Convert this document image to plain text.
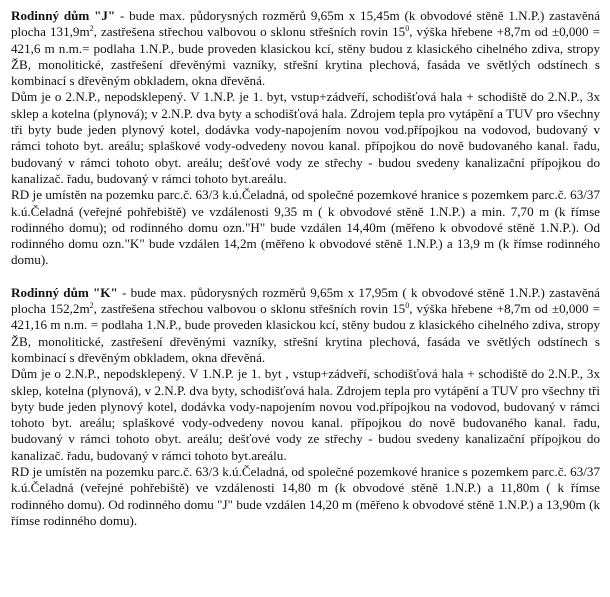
Rodinný dům "J" - bude max. půdorysných rozměrů 9,65m x 15,45m (k obvodové stěně 1.N.P.) zastavěná plocha $131,9m^2$, zastřešena střechou valbovou o sklonu střešních rovin $15^0$, výška hřebene +8,7m od ±0,000 = 421,6 m n.m.= podlaha 1.N.P., bude proveden klasickou kcí, stěny budou z klasického cihelného zdiva, stropy ŽB, monolitické, zastřešení dřevěnými vazníky, střešní krytina plechová, fasáda ve světlých odstínech s kombinací s dřevěným obkladem, okna dřevěná.

Dům je o 2.N.P., nepodsklepený. V 1.N.P. je 1. byt, vstup+zádveří, schodišťová hala + schodiště do 2.N.P., 3x sklep a kotelna (plynová); v 2.N.P. dva byty a schodišťová hala. Zdrojem tepla pro vytápění a TUV pro všechny tři byty bude jeden plynový kotel, dodávka vody-napojením novou vod.přípojkou na vodovod, budovaný v rámci tohoto byt. areálu; splaškové vody-odvedeny novou kanal. přípojkou do nově budovaného kanal. řadu, budovaný v rámci tohoto obyt. areálu; dešťové vody ze střechy - budou svedeny kanalizační přípojkou do kanalizač. řadu, budovaný v rámci tohoto byt.areálu.

RD je umístěn na pozemku parc.č. 63/3 k.ú.Čeladná, od společné pozemkové hranice s pozemkem parc.č. 63/37 k.ú.Čeladná (veřejné pohřebiště) ve vzdálenosti 9,35 m ( k obvodové stěně 1.N.P.) a min. 7,70 m (k římse rodinného domu); od rodinného domu ozn."H" bude vzdálen 14,40m (měřeno k obvodové stěně 1.N.P.). Od rodinného domu ozn."K" bude vzdálen 14,2m (měřeno k obvodové stěně 1.N.P.) a 13,9 m (k římse rodinného domu).

Rodinný dům "K" - bude max. půdorysných rozměrů 9,65m x 17,95m ( k obvodové stěně 1.N.P.) zastavěná plocha $152,2m^2$, zastřešena střechou valbovou o sklonu střešních rovin $15^0$, výška hřebene +8,7m od ±0,000 = 421,16 m n.m. = podlaha 1.N.P., bude proveden klasickou kcí, stěny budou z klasického cihelného zdiva, stropy ŽB, monolitické, zastřešení dřevěnými vazníky, střešní krytina plechová, fasáda ve světlých odstínech s kombinací s dřevěným obkladem, okna dřevěná.

Dům je o 2.N.P., nepodsklepený. V 1.N.P. je 1. byt , vstup+zádveří, schodišťová hala + schodiště do 2.N.P., 3x sklep, kotelna (plynová), v 2.N.P. dva byty, schodišťová hala. Zdrojem tepla pro vytápění a TUV pro všechny tři byty bude jeden plynový kotel, dodávka vody-napojením novou vod.přípojkou na vodovod, budovaný v rámci tohoto byt. areálu; splaškové vody-odvedeny novou kanal. přípojkou do nově budovaného kanal. řadu, budovaný v rámci tohoto obyt. areálu; dešťové vody ze střechy - budou svedeny kanalizační přípojkou do kanalizač. řadu, budovaný v rámci tohoto byt.areálu.

RD je umístěn na pozemku parc.č. 63/3 k.ú.Čeladná, od společné pozemkové hranice s pozemkem parc.č. 63/37 k.ú.Čeladná (veřejné pohřebiště) ve vzdálenosti 14,80 m (k obvodové stěně 1.N.P.) a 11,80m ( k římse rodinného domu). Od rodinného domu "J" bude vzdálen 14,20 m (měřeno k obvodové stěně 1.N.P.) a 13,90m (k římse rodinného domu).
